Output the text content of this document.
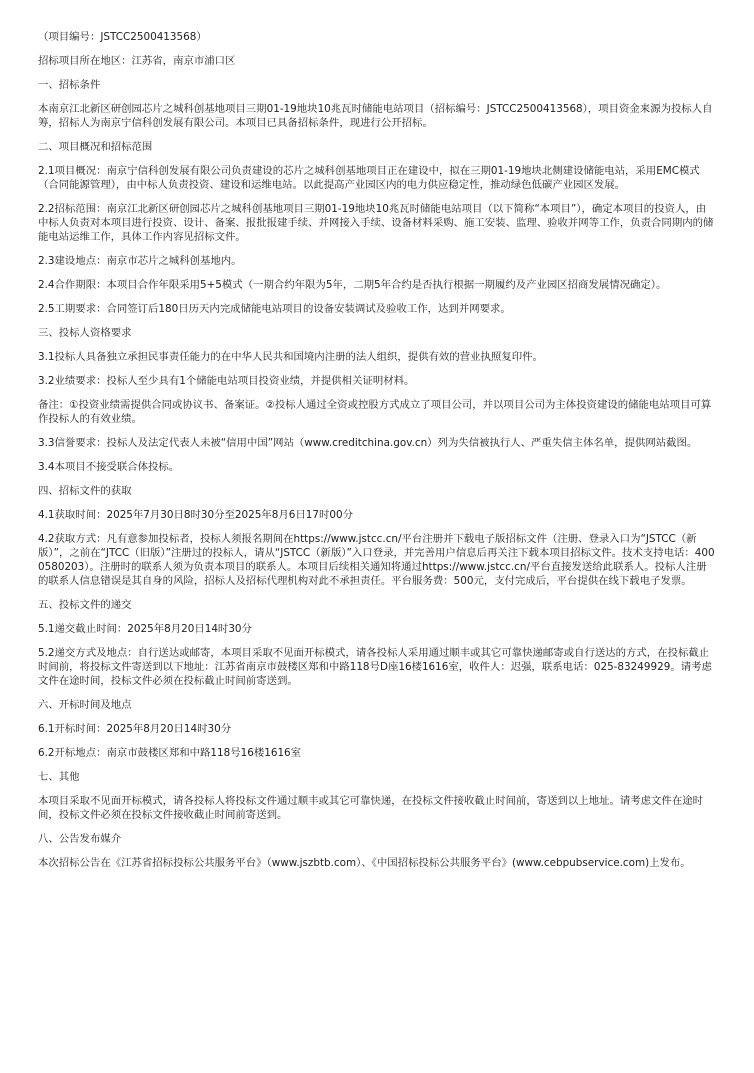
（项目编号：JSTCC2500413568）

招标项目所在地区：江苏省，南京市浦口区

一、招标条件

本南京江北新区研创园芯片之城科创基地项目三期01-19地块10兆瓦时储能电站项目（招标编号：JSTCC2500413568），项目资金来源为投标人自筹，招标人为南京宁信科创发展有限公司。本项目已具备招标条件，现进行公开招标。

二、项目概况和招标范围

2.1项目概况：南京宁信科创发展有限公司负责建设的芯片之城科创基地项目正在建设中，拟在三期01-19地块北侧建设储能电站，采用EMC模式（合同能源管理），由中标人负责投资、建设和运维电站。以此提高产业园区内的电力供应稳定性，推动绿色低碳产业园区发展。

2.2招标范围：南京江北新区研创园芯片之城科创基地项目三期01-19地块10兆瓦时储能电站项目（以下简称“本项目”），确定本项目的投资人，由中标人负责对本项目进行投资、设计、备案、报批报建手续、并网接入手续、设备材料采购、施工安装、监理、验收并网等工作，负责合同期内的储能电站运维工作，具体工作内容见招标文件。

2.3建设地点：南京市芯片之城科创基地内。

2.4合作期限：本项目合作年限采用5+5模式（一期合约年限为5年，二期5年合约是否执行根据一期履约及产业园区招商发展情况确定）。

2.5工期要求：合同签订后180日历天内完成储能电站项目的设备安装调试及验收工作，达到并网要求。

三、投标人资格要求

3.1投标人具备独立承担民事责任能力的在中华人民共和国境内注册的法人组织，提供有效的营业执照复印件。

3.2业绩要求：投标人至少具有1个储能电站项目投资业绩，并提供相关证明材料。

备注：①投资业绩需提供合同或协议书、备案证。②投标人通过全资或控股方式成立了项目公司，并以项目公司为主体投资建设的储能电站项目可算作投标人的有效业绩。

3.3信誉要求：投标人及法定代表人未被“信用中国”网站（www.creditchina.gov.cn）列为失信被执行人、严重失信主体名单，提供网站截图。

3.4本项目不接受联合体投标。

四、招标文件的获取

4.1获取时间：2025年7月30日8时30分至2025年8月6日17时00分

4.2获取方式：凡有意参加投标者，投标人须报名期间在https://www.jstcc.cn/平台注册并下载电子版招标文件（注册、登录入口为“JSTCC（新版）”，之前在“JTCC（旧版）”注册过的投标人，请从“JSTCC（新版）”入口登录，并完善用户信息后再关注下载本项目招标文件。技术支持电话：4000580203）。注册时的联系人须为负责本项目的联系人。本项目后续相关通知将通过https://www.jstcc.cn/平台直接发送给此联系人。投标人注册的联系人信息错误是其自身的风险，招标人及招标代理机构对此不承担责任。平台服务费：500元，支付完成后，平台提供在线下载电子发票。

五、投标文件的递交

5.1递交截止时间：2025年8月20日14时30分

5.2递交方式及地点：自行送达或邮寄，本项目采取不见面开标模式，请各投标人采用通过顺丰或其它可靠快递邮寄或自行送达的方式，在投标截止时间前，将投标文件寄送到以下地址：江苏省南京市鼓楼区郑和中路118号D座16楼1616室，收件人：迟强，联系电话：025-83249929。请考虑文件在途时间，投标文件必须在投标截止时间前寄送到。

六、开标时间及地点

6.1开标时间：2025年8月20日14时30分

6.2开标地点：南京市鼓楼区郑和中路118号16楼1616室

七、其他

本项目采取不见面开标模式，请各投标人将投标文件通过顺丰或其它可靠快递，在投标文件接收截止时间前，寄送到以上地址。请考虑文件在途时间，投标文件必须在投标文件接收截止时间前寄送到。

八、公告发布媒介

本次招标公告在《江苏省招标投标公共服务平台》（www.jszbtb.com）、《中国招标投标公共服务平台》(www.cebpubservice.com)上发布。
